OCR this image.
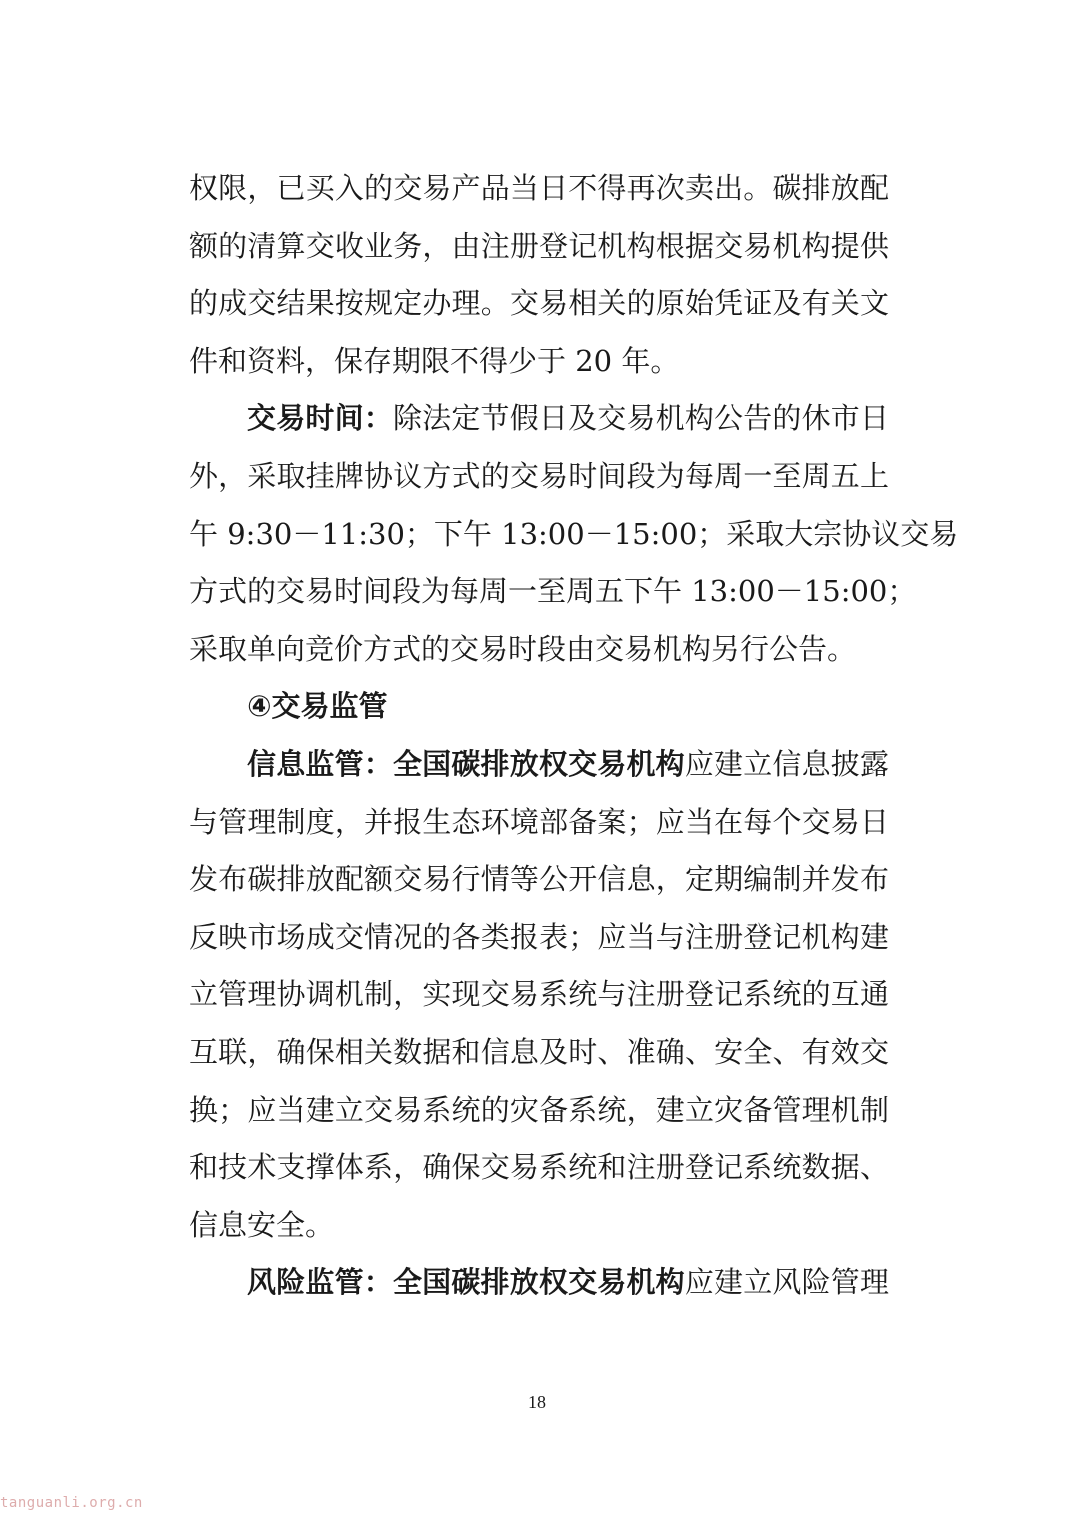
权限，已买入的交易产品当日不得再次卖出。碳排放配
额的清算交收业务，由注册登记机构根据交易机构提供
的成交结果按规定办理。交易相关的原始凭证及有关文
件和资料，保存期限不得少于 20 年。
交易时间：除法定节假日及交易机构公告的休市日
外，采取挂牌协议方式的交易时间段为每周一至周五上
午 9:30－11:30；下午 13:00－15:00；采取大宗协议交易
方式的交易时间段为每周一至周五下午 13:00－15:00；
采取单向竞价方式的交易时段由交易机构另行公告。
④交易监管
信息监管：全国碳排放权交易机构应建立信息披露
与管理制度，并报生态环境部备案；应当在每个交易日
发布碳排放配额交易行情等公开信息，定期编制并发布
反映市场成交情况的各类报表；应当与注册登记机构建
立管理协调机制，实现交易系统与注册登记系统的互通
互联，确保相关数据和信息及时、准确、安全、有效交
换；应当建立交易系统的灾备系统，建立灾备管理机制
和技术支撑体系，确保交易系统和注册登记系统数据、
信息安全。
风险监管：全国碳排放权交易机构应建立风险管理
18
tanguanli.org.cn
